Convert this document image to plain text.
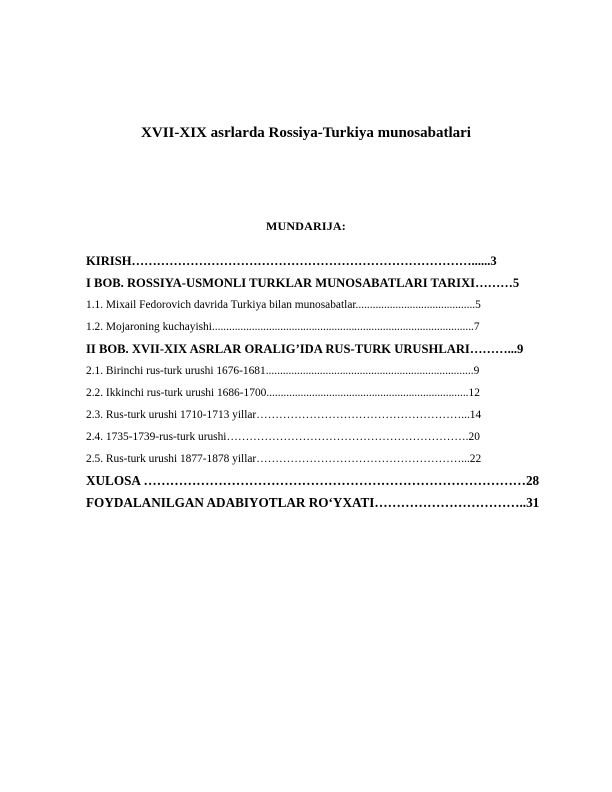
XVII-XIX asrlarda Rossiya-Turkiya munosabatlari
MUNDARIJA:
KIRISH………………………………………………………………………......3
I BOB. ROSSIYA-USMONLI TURKLAR MUNOSABATLARI TARIXI………5
1.1. Mixail Fedorovich davrida Turkiya bilan munosabatlar..........................................5
1.2. Mojaroning kuchayishi............................................................................................7
II BOB. XVII-XIX ASRLAR ORALIG’IDA RUS-TURK URUSHLARI………...9
2.1. Birinchi rus-turk urushi 1676-1681.........................................................................9
2.2. Ikkinchi rus-turk urushi 1686-1700.......................................................................12
2.3. Rus-turk urushi 1710-1713 yillar………………………………………………...14
2.4. 1735-1739-rus-turk urushi……………………………………………………….20
2.5. Rus-turk urushi 1877-1878 yillar………………………………………………...22
XULOSA ……………………………………………………………………………28
FOYDALANILGAN ADABIYOTLAR RO‘YXATI……………………………..31
